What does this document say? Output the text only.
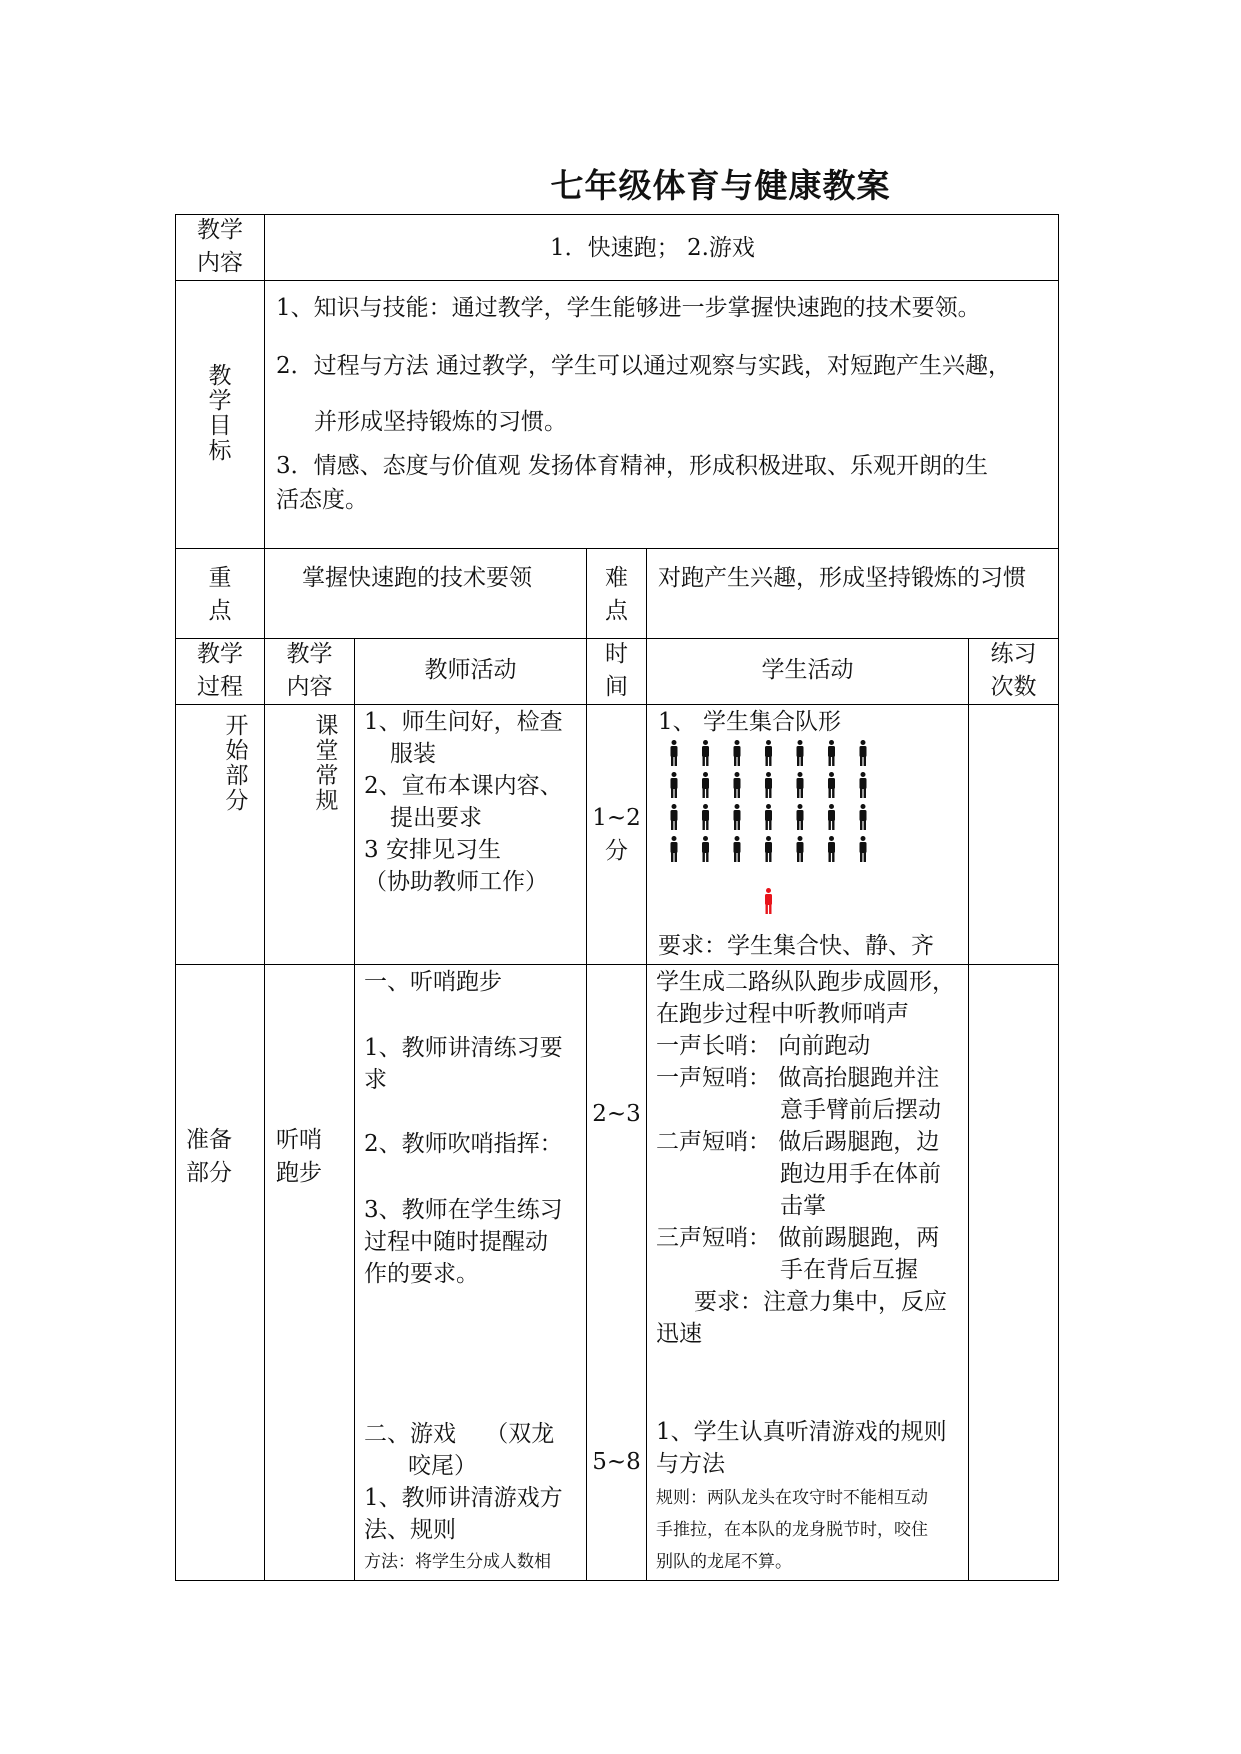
七年级体育与健康教案
教学
内容
1．快速跑； 2.游戏
教学目标
1、知识与技能：通过教学，学生能够进一步掌握快速跑的技术要领。
2．过程与方法 通过教学，学生可以通过观察与实践，对短跑产生兴趣，
并形成坚持锻炼的习惯。
3．情感、态度与价值观 发扬体育精神，形成积极进取、乐观开朗的生
活态度。
重
点
掌握快速跑的技术要领	难
点
对跑产生兴趣，形成坚持锻炼的习惯
教学
过程
教学
内容
教师活动
时
间
学生活动
练习
次数
开始部分
课堂常规
1、师生问好，检查
服装
2、宣布本课内容、
提出要求
3 安排见习生
（协助教师工作）
1~2
分
1、 学生集合队形
要求：学生集合快、静、齐
准备
部分
听哨
跑步
一、听哨跑步
1、教师讲清练习要
求
2、教师吹哨指挥：
3、教师在学生练习
过程中随时提醒动
作的要求。
二、游戏    （双龙
咬尾）
1、教师讲清游戏方
法、规则
方法：将学生分成人数相
2~3
5~8
学生成二路纵队跑步成圆形，
在跑步过程中听教师哨声
一声长哨： 向前跑动
一声短哨： 做高抬腿跑并注
意手臂前后摆动
二声短哨： 做后踢腿跑，边
跑边用手在体前
击掌
三声短哨： 做前踢腿跑，两
手在背后互握
要求：注意力集中，反应
迅速
1、学生认真听清游戏的规则
与方法
规则：两队龙头在攻守时不能相互动
手推拉，在本队的龙身脱节时，咬住
别队的龙尾不算。
